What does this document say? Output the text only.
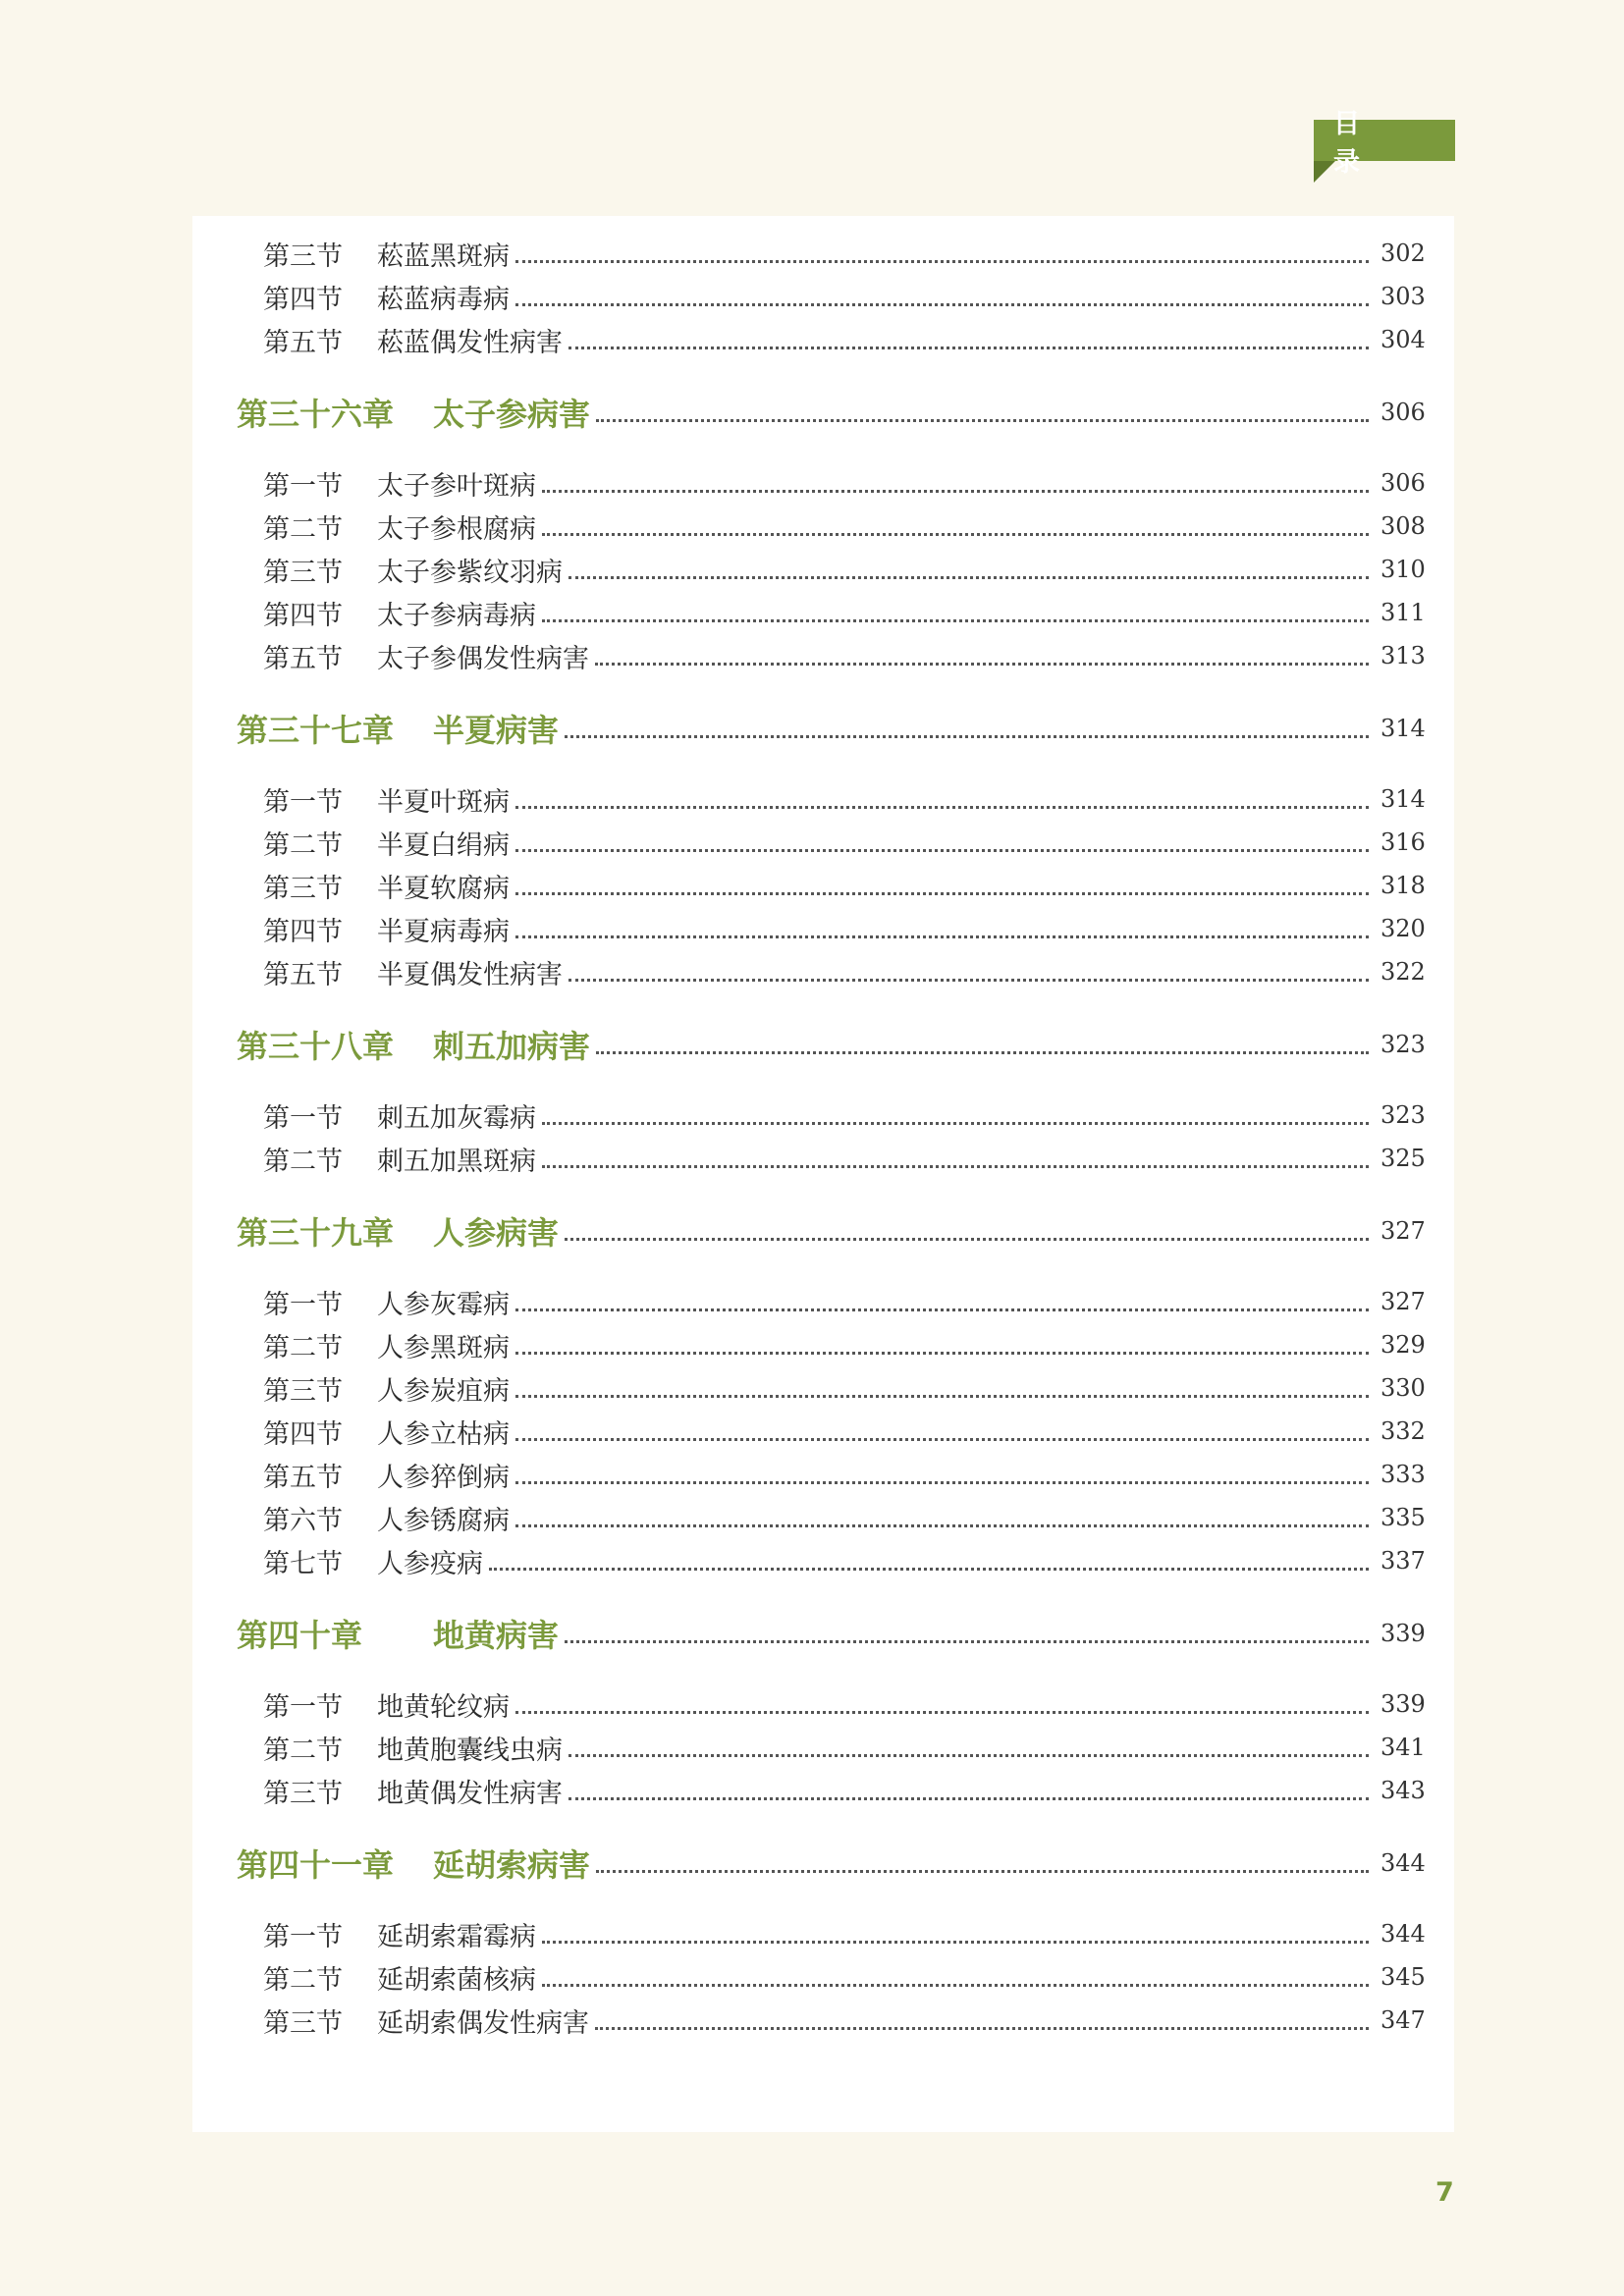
目　录
第三节	菘蓝黑斑病	302
第四节	菘蓝病毒病	303
第五节	菘蓝偶发性病害	304
第三十六章	太子参病害	306
第一节	太子参叶斑病	306
第二节	太子参根腐病	308
第三节	太子参紫纹羽病	310
第四节	太子参病毒病	311
第五节	太子参偶发性病害	313
第三十七章	半夏病害	314
第一节	半夏叶斑病	314
第二节	半夏白绢病	316
第三节	半夏软腐病	318
第四节	半夏病毒病	320
第五节	半夏偶发性病害	322
第三十八章	刺五加病害	323
第一节	刺五加灰霉病	323
第二节	刺五加黑斑病	325
第三十九章	人参病害	327
第一节	人参灰霉病	327
第二节	人参黑斑病	329
第三节	人参炭疽病	330
第四节	人参立枯病	332
第五节	人参猝倒病	333
第六节	人参锈腐病	335
第七节	人参疫病	337
第四十章	地黄病害	339
第一节	地黄轮纹病	339
第二节	地黄胞囊线虫病	341
第三节	地黄偶发性病害	343
第四十一章	延胡索病害	344
第一节	延胡索霜霉病	344
第二节	延胡索菌核病	345
第三节	延胡索偶发性病害	347
7
